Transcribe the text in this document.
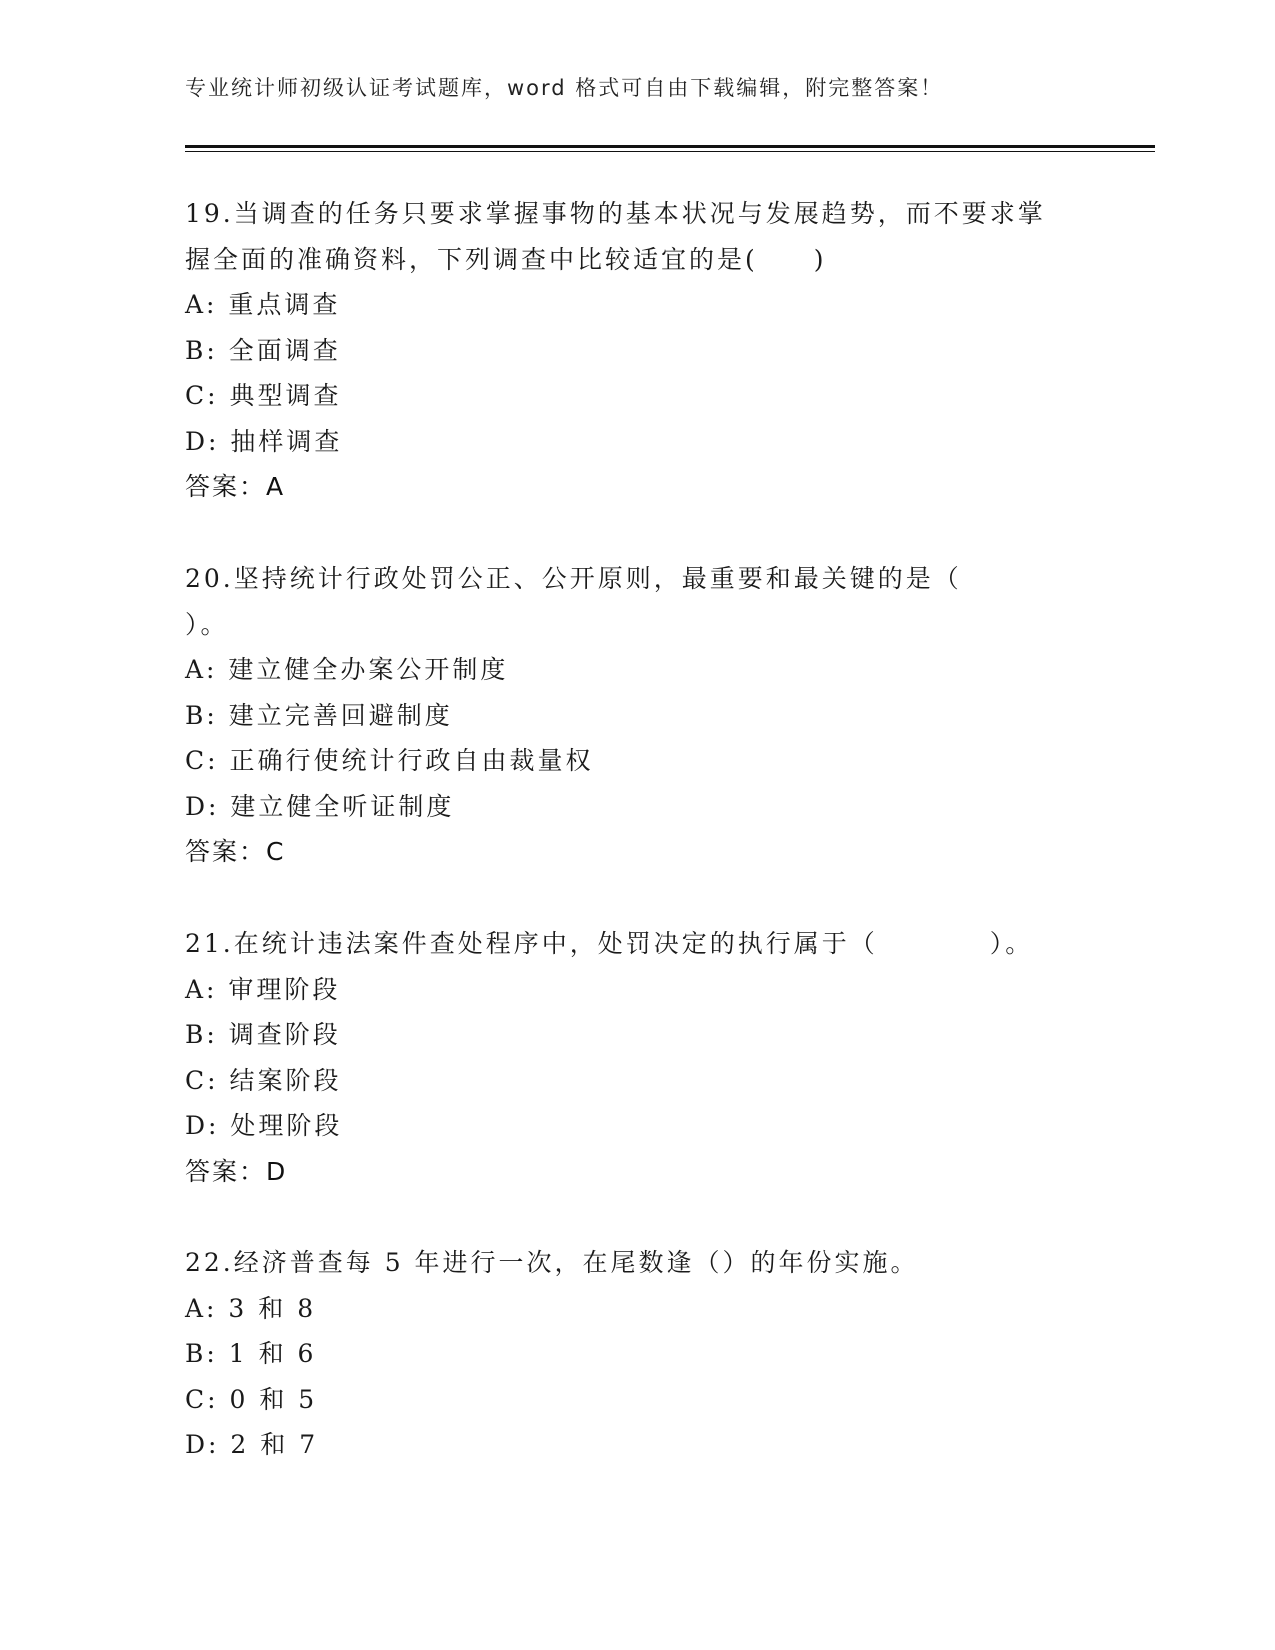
专业统计师初级认证考试题库，word 格式可自由下载编辑，附完整答案！
19.当调查的任务只要求掌握事物的基本状况与发展趋势，而不要求掌
握全面的准确资料，下列调查中比较适宜的是(　　)
A: 重点调查
B: 全面调查
C: 典型调查
D: 抽样调查
答案：A
20.坚持统计行政处罚公正、公开原则，最重要和最关键的是（
）。
A: 建立健全办案公开制度
B: 建立完善回避制度
C: 正确行使统计行政自由裁量权
D: 建立健全听证制度
答案：C
21.在统计违法案件查处程序中，处罚决定的执行属于（　　　　）。
A: 审理阶段
B: 调查阶段
C: 结案阶段
D: 处理阶段
答案：D
22.经济普查每 5 年进行一次，在尾数逢（）的年份实施。
A: 3 和 8
B: 1 和 6
C: 0 和 5
D: 2 和 7
